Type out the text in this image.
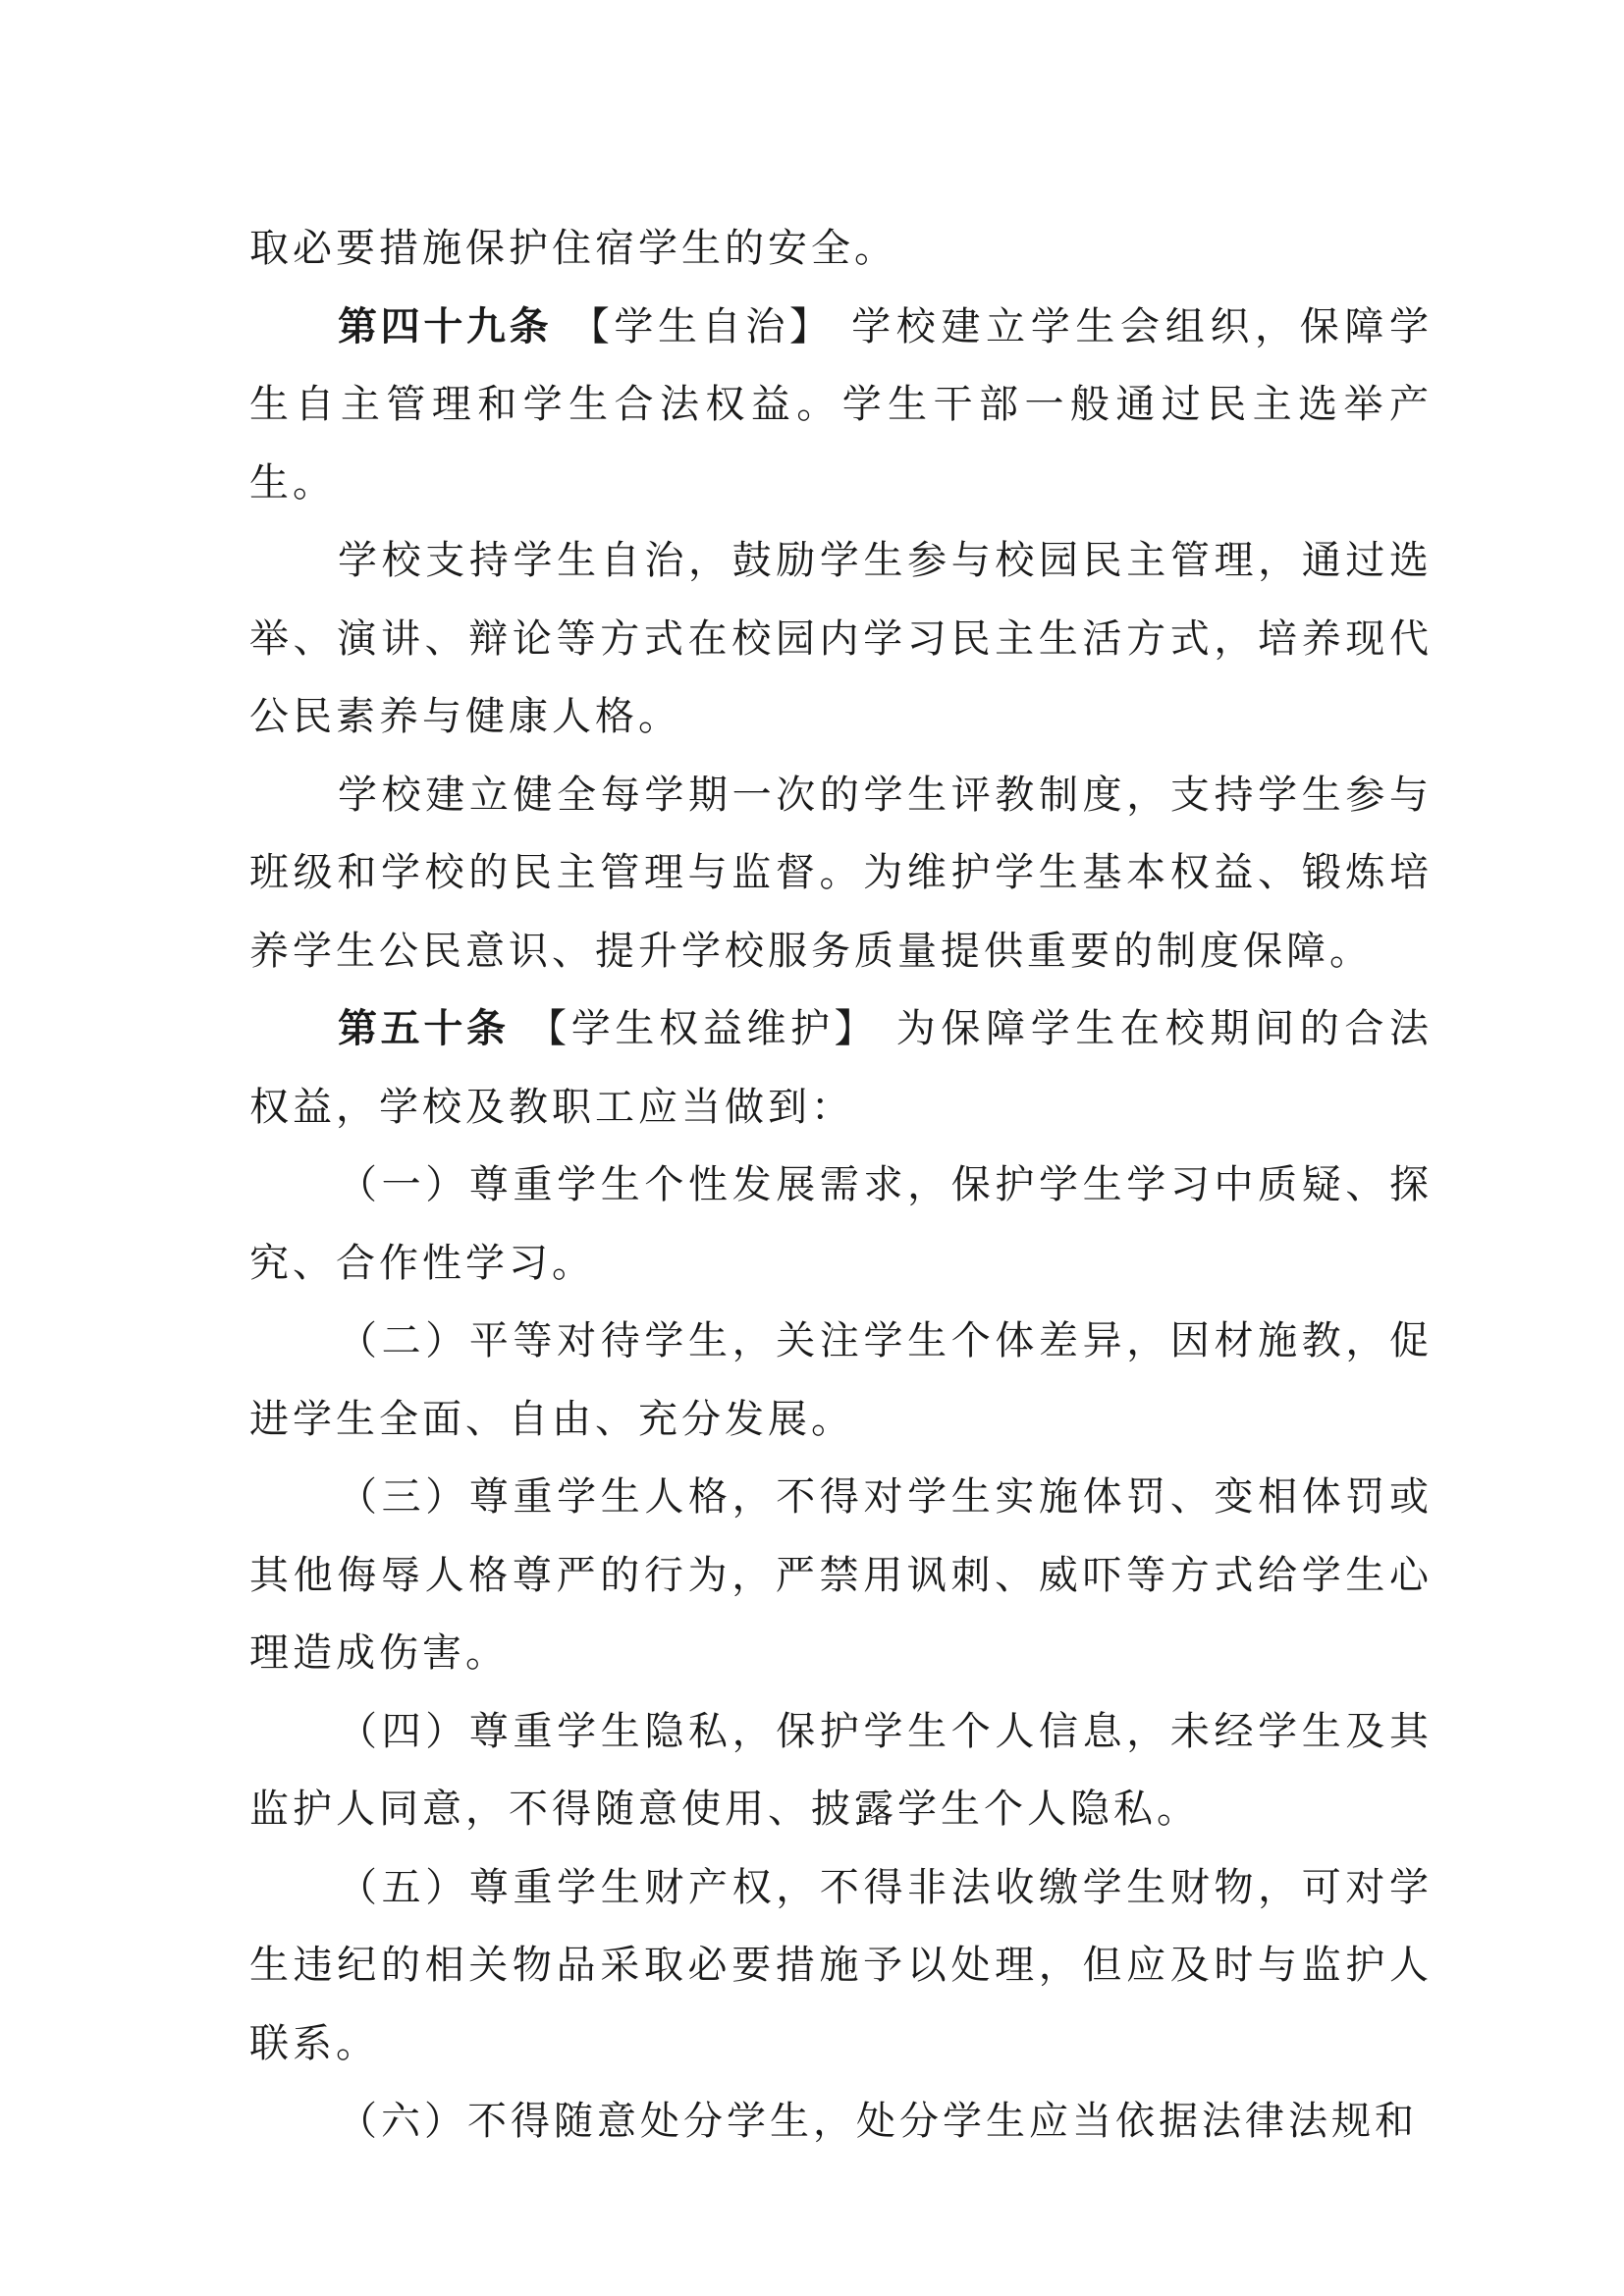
取必要措施保护住宿学生的安全。

第四十九条 【学生自治】 学校建立学生会组织，保障学生自主管理和学生合法权益。学生干部一般通过民主选举产生。

学校支持学生自治，鼓励学生参与校园民主管理，通过选举、演讲、辩论等方式在校园内学习民主生活方式，培养现代公民素养与健康人格。

学校建立健全每学期一次的学生评教制度，支持学生参与班级和学校的民主管理与监督。为维护学生基本权益、锻炼培养学生公民意识、提升学校服务质量提供重要的制度保障。

第五十条 【学生权益维护】 为保障学生在校期间的合法权益，学校及教职工应当做到：

（一）尊重学生个性发展需求，保护学生学习中质疑、探究、合作性学习。

（二）平等对待学生，关注学生个体差异，因材施教，促进学生全面、自由、充分发展。

（三）尊重学生人格，不得对学生实施体罚、变相体罚或其他侮辱人格尊严的行为，严禁用讽刺、威吓等方式给学生心理造成伤害。

（四）尊重学生隐私，保护学生个人信息，未经学生及其监护人同意，不得随意使用、披露学生个人隐私。

（五）尊重学生财产权，不得非法收缴学生财物，可对学生违纪的相关物品采取必要措施予以处理，但应及时与监护人联系。

（六）不得随意处分学生，处分学生应当依据法律法规和
